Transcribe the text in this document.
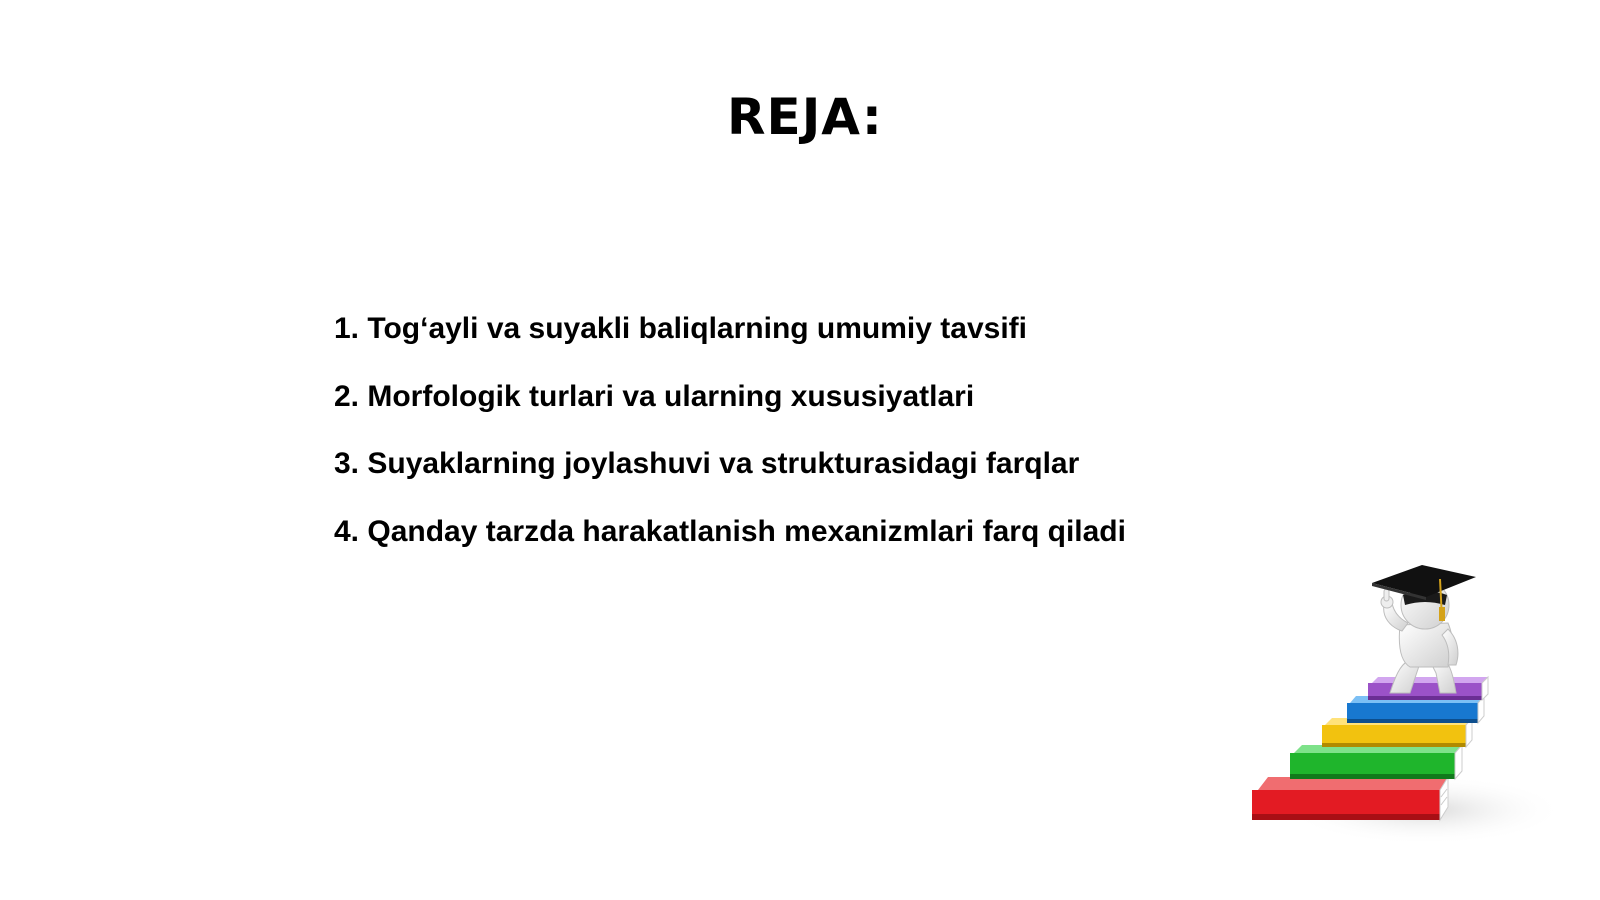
REJA:
1. Tog‘ayli va suyakli baliqlarning umumiy tavsifi
2. Morfologik turlari va ularning xususiyatlari
3. Suyaklarning joylashuvi va strukturasidagi farqlar
4. Qanday tarzda harakatlanish mexanizmlari farq qiladi
